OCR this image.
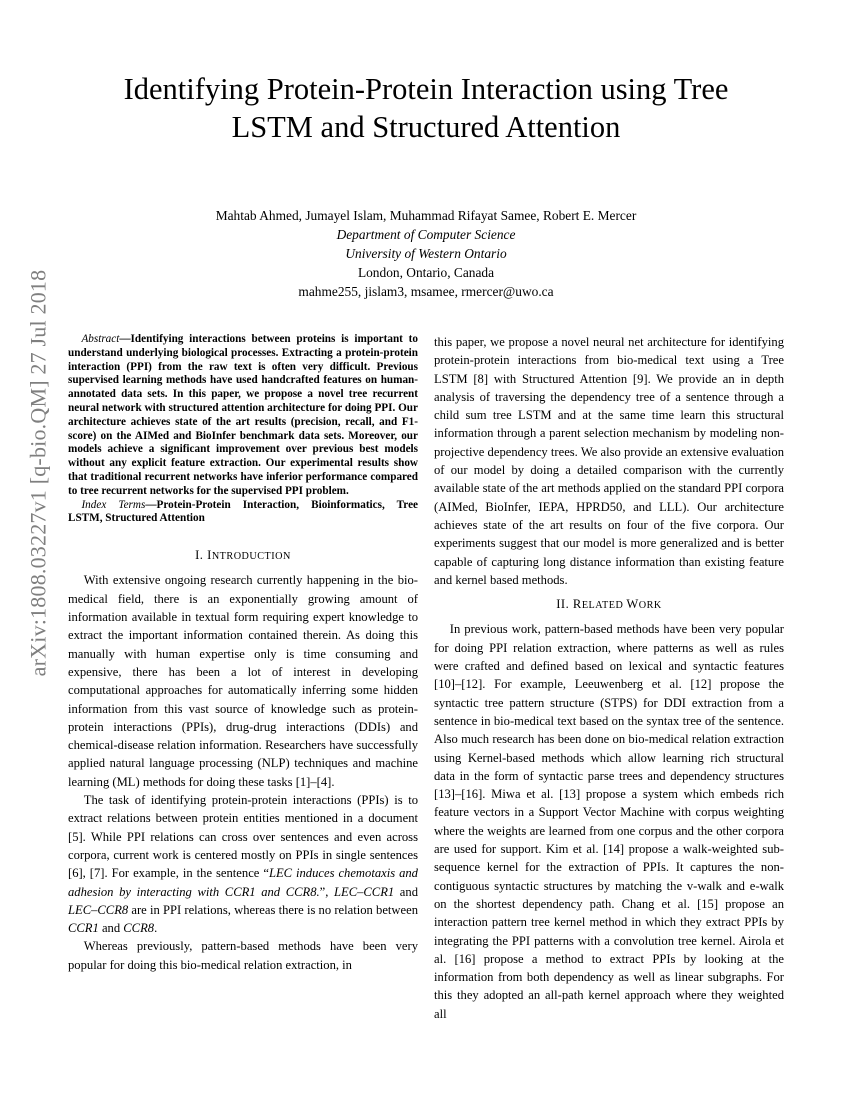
arXiv:1808.03227v1 [q-bio.QM] 27 Jul 2018
Identifying Protein-Protein Interaction using Tree
LSTM and Structured Attention
Mahtab Ahmed, Jumayel Islam, Muhammad Rifayat Samee, Robert E. Mercer
Department of Computer Science
University of Western Ontario
London, Ontario, Canada
mahme255, jislam3, msamee, rmercer@uwo.ca

Abstract—Identifying interactions between proteins is important to understand underlying biological processes. Extracting a protein-protein interaction (PPI) from the raw text is often very difficult. Previous supervised learning methods have used handcrafted features on human-annotated data sets. In this paper, we propose a novel tree recurrent neural network with structured attention architecture for doing PPI. Our architecture achieves state of the art results (precision, recall, and F1-score) on the AIMed and BioInfer benchmark data sets. Moreover, our models achieve a significant improvement over previous best models without any explicit feature extraction. Our experimental results show that traditional recurrent networks have inferior performance compared to tree recurrent networks for the supervised PPI problem.

Index Terms—Protein-Protein Interaction, Bioinformatics, Tree LSTM, Structured Attention

I. INTRODUCTION

With extensive ongoing research currently happening in the bio-medical field, there is an exponentially growing amount of information available in textual form requiring expert knowledge to extract the important information contained therein. As doing this manually with human expertise only is time consuming and expensive, there has been a lot of interest in developing computational approaches for automatically inferring some hidden information from this vast source of knowledge such as protein-protein interactions (PPIs), drug-drug interactions (DDIs) and chemical-disease relation information. Researchers have successfully applied natural language processing (NLP) techniques and machine learning (ML) methods for doing these tasks [1]–[4].

The task of identifying protein-protein interactions (PPIs) is to extract relations between protein entities mentioned in a document [5]. While PPI relations can cross over sentences and even across corpora, current work is centered mostly on PPIs in single sentences [6], [7]. For example, in the sentence “LEC induces chemotaxis and adhesion by interacting with CCR1 and CCR8.”, LEC–CCR1 and LEC–CCR8 are in PPI relations, whereas there is no relation between CCR1 and CCR8.

Whereas previously, pattern-based methods have been very popular for doing this bio-medical relation extraction, in

this paper, we propose a novel neural net architecture for identifying protein-protein interactions from bio-medical text using a Tree LSTM [8] with Structured Attention [9]. We provide an in depth analysis of traversing the dependency tree of a sentence through a child sum tree LSTM and at the same time learn this structural information through a parent selection mechanism by modeling non-projective dependency trees. We also provide an extensive evaluation of our model by doing a detailed comparison with the currently available state of the art methods applied on the standard PPI corpora (AIMed, BioInfer, IEPA, HPRD50, and LLL). Our architecture achieves state of the art results on four of the five corpora. Our experiments suggest that our model is more generalized and is better capable of capturing long distance information than existing feature and kernel based methods.

II. RELATED WORK

In previous work, pattern-based methods have been very popular for doing PPI relation extraction, where patterns as well as rules were crafted and defined based on lexical and syntactic features [10]–[12]. For example, Leeuwenberg et al. [12] propose the syntactic tree pattern structure (STPS) for DDI extraction from a sentence in bio-medical text based on the syntax tree of the sentence. Also much research has been done on bio-medical relation extraction using Kernel-based methods which allow learning rich structural data in the form of syntactic parse trees and dependency structures [13]–[16]. Miwa et al. [13] propose a system which embeds rich feature vectors in a Support Vector Machine with corpus weighting where the weights are learned from one corpus and the other corpora are used for support. Kim et al. [14] propose a walk-weighted sub-sequence kernel for the extraction of PPIs. It captures the non-contiguous syntactic structures by matching the v-walk and e-walk on the shortest dependency path. Chang et al. [15] propose an interaction pattern tree kernel method in which they extract PPIs by integrating the PPI patterns with a convolution tree kernel. Airola et al. [16] propose a method to extract PPIs by looking at the information from both dependency as well as linear subgraphs. For this they adopted an all-path kernel approach where they weighted all
